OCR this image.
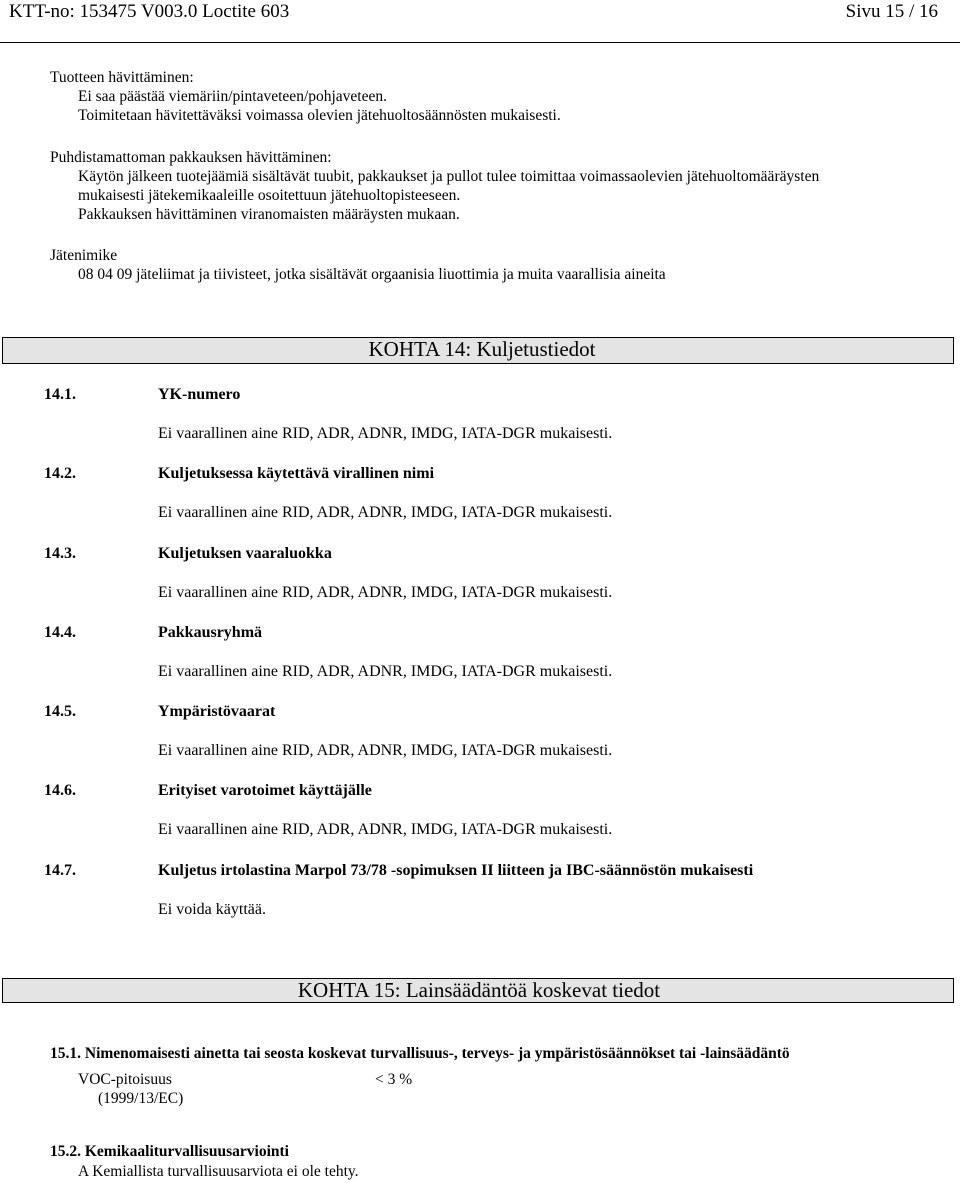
KTT-no: 153475 V003.0 Loctite 603	Sivu 15 / 16
Tuotteen hävittäminen:
Ei saa päästää viemäriin/pintaveteen/pohjaveteen.
Toimitetaan hävitettäväksi voimassa olevien jätehuoltosäännösten mukaisesti.
Puhdistamattoman pakkauksen hävittäminen:
Käytön jälkeen tuotejäämiä sisältävät tuubit, pakkaukset ja pullot tulee toimittaa voimassaolevien jätehuoltomääräysten
mukaisesti jätekemikaaleille osoitettuun jätehuoltopisteeseen.
Pakkauksen hävittäminen viranomaisten määräysten mukaan.
Jätenimike
08 04 09 jäteliimat ja tiivisteet, jotka sisältävät orgaanisia liuottimia ja muita vaarallisia aineita
KOHTA 14: Kuljetustiedot
14.1.	YK-numero
Ei vaarallinen aine RID, ADR, ADNR, IMDG, IATA-DGR mukaisesti.
14.2.	Kuljetuksessa käytettävä virallinen nimi
Ei vaarallinen aine RID, ADR, ADNR, IMDG, IATA-DGR mukaisesti.
14.3.	Kuljetuksen vaaraluokka
Ei vaarallinen aine RID, ADR, ADNR, IMDG, IATA-DGR mukaisesti.
14.4.	Pakkausryhmä
Ei vaarallinen aine RID, ADR, ADNR, IMDG, IATA-DGR mukaisesti.
14.5.	Ympäristövaarat
Ei vaarallinen aine RID, ADR, ADNR, IMDG, IATA-DGR mukaisesti.
14.6.	Erityiset varotoimet käyttäjälle
Ei vaarallinen aine RID, ADR, ADNR, IMDG, IATA-DGR mukaisesti.
14.7.	Kuljetus irtolastina Marpol 73/78 -sopimuksen II liitteen ja IBC-säännöstön mukaisesti
Ei voida käyttää.
KOHTA 15: Lainsäädäntöä koskevat tiedot
15.1. Nimenomaisesti ainetta tai seosta koskevat turvallisuus-, terveys- ja ympäristösäännökset tai -lainsäädäntö
VOC-pitoisuus	< 3 %
(1999/13/EC)
15.2. Kemikaaliturvallisuusarviointi
A Kemiallista turvallisuusarviota ei ole tehty.
